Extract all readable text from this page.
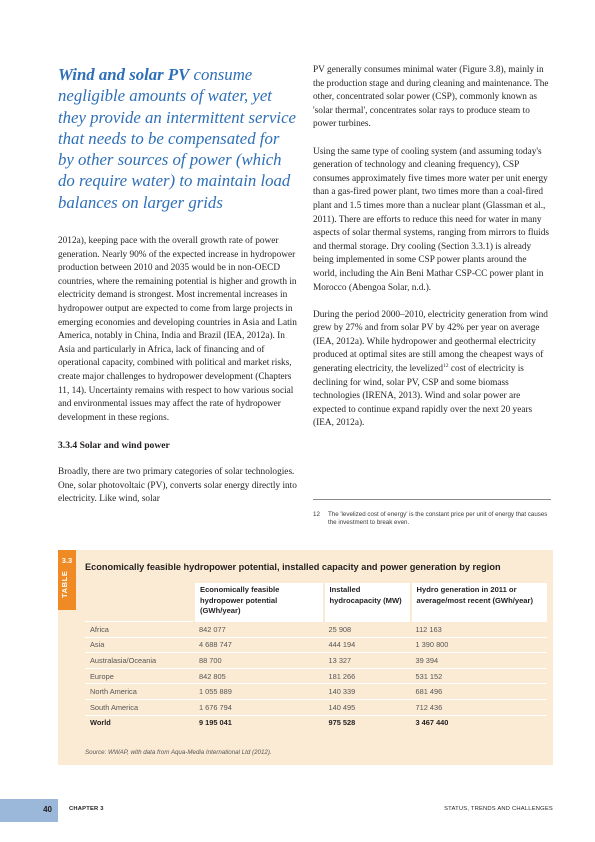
Wind and solar PV consume negligible amounts of water, yet they provide an intermittent service that needs to be compensated for by other sources of power (which do require water) to maintain load balances on larger grids

2012a), keeping pace with the overall growth rate of power generation. Nearly 90% of the expected increase in hydropower production between 2010 and 2035 would be in non-OECD countries, where the remaining potential is higher and growth in electricity demand is strongest. Most incremental increases in hydropower output are expected to come from large projects in emerging economies and developing countries in Asia and Latin America, notably in China, India and Brazil (IEA, 2012a). In Asia and particularly in Africa, lack of financing and of operational capacity, combined with political and market risks, create major challenges to hydropower development (Chapters 11, 14). Uncertainty remains with respect to how various social and environmental issues may affect the rate of hydropower development in these regions.

3.3.4 Solar and wind power

Broadly, there are two primary categories of solar technologies. One, solar photovoltaic (PV), converts solar energy directly into electricity. Like wind, solar

PV generally consumes minimal water (Figure 3.8), mainly in the production stage and during cleaning and maintenance. The other, concentrated solar power (CSP), commonly known as 'solar thermal', concentrates solar rays to produce steam to power turbines.

Using the same type of cooling system (and assuming today's generation of technology and cleaning frequency), CSP consumes approximately five times more water per unit energy than a gas-fired power plant, two times more than a coal-fired plant and 1.5 times more than a nuclear plant (Glassman et al., 2011). There are efforts to reduce this need for water in many aspects of solar thermal systems, ranging from mirrors to fluids and thermal storage. Dry cooling (Section 3.3.1) is already being implemented in some CSP power plants around the world, including the Ain Beni Mathar CSP-CC power plant in Morocco (Abengoa Solar, n.d.).

During the period 2000–2010, electricity generation from wind grew by 27% and from solar PV by 42% per year on average (IEA, 2012a). While hydropower and geothermal electricity produced at optimal sites are still among the cheapest ways of generating electricity, the levelized$^{12}$ cost of electricity is declining for wind, solar PV, CSP and some biomass technologies (IRENA, 2013). Wind and solar power are expected to continue expand rapidly over the next 20 years (IEA, 2012a).

12	The 'levelized cost of energy' is the constant price per unit of energy that causes the investment to break even.
3.3
TABLE
Economically feasible hydropower potential, installed capacity and power generation by region
	Economically feasible hydropower potential (GWh/year)	Installed hydrocapacity (MW)	Hydro generation in 2011 or average/most recent (GWh/year)
Africa	842 077	25 908	112 163
Asia	4 688 747	444 194	1 390 800
Australasia/Oceania	88 700	13 327	39 394
Europe	842 805	181 266	531 152
North America	1 055 889	140 339	681 496
South America	1 676 794	140 495	712 436
World	9 195 041	975 528	3 467 440
Source: WWAP, with data from Aqua-Media International Ltd (2012).
40	CHAPTER 3	STATUS, TRENDS AND CHALLENGES
